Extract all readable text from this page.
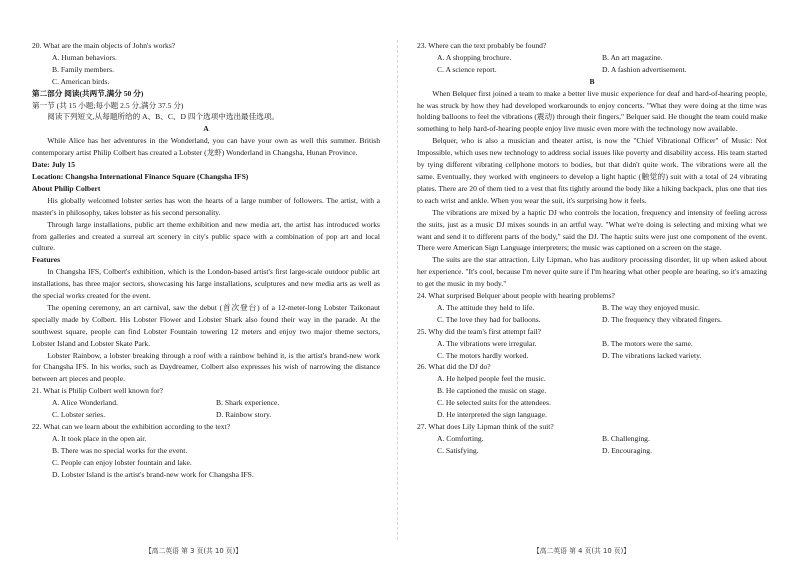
20. What are the main objects of John's works?

A. Human behaviors.

B. Family members.

C. American birds.

第二部分 阅读(共两节,满分 50 分)

第一节 (共 15 小题;每小题 2.5 分,满分 37.5 分)

阅读下列短文,从每题所给的 A、B、C、D 四个选项中选出最佳选项。

A

While Alice has her adventures in the Wonderland, you can have your own as well this summer. British contemporary artist Philip Colbert has created a Lobster (龙虾) Wonderland in Changsha, Hunan Province.

Date: July 15

Location: Changsha International Finance Square (Changsha IFS)

About Philip Colbert

His globally welcomed lobster series has won the hearts of a large number of followers. The artist, with a master's in philosophy, takes lobster as his second personality.

Through large installations, public art theme exhibition and new media art, the artist has introduced works from galleries and created a surreal art scenery in city's public space with a combination of pop art and local culture.

Features

In Changsha IFS, Colbert's exhibition, which is the London-based artist's first large-scale outdoor public art installations, has three major sectors, showcasing his large installations, sculptures and new media arts as well as the special works created for the event.

The opening ceremony, an art carnival, saw the debut (首次登台) of a 12-meter-long Lobster Taikonaut specially made by Colbert. His Lobster Flower and Lobster Shark also found their way in the parade. At the southwest square, people can find Lobster Fountain towering 12 meters and enjoy two major theme sectors, Lobster Island and Lobster Skate Park.

Lobster Rainbow, a lobster breaking through a roof with a rainbow behind it, is the artist's brand-new work for Changsha IFS. In his works, such as Daydreamer, Colbert also expresses his wish of narrowing the distance between art pieces and people.

21. What is Philip Colbert well known for?

A. Alice Wonderland.	B. Shark experience.
C. Lobster series.	D. Rainbow story.

22. What can we learn about the exhibition according to the text?

A. It took place in the open air.

B. There was no special works for the event.

C. People can enjoy lobster fountain and lake.

D. Lobster Island is the artist's brand-new work for Changsha IFS.

23. Where can the text probably be found?

A. A shopping brochure.	B. An art magazine.
C. A science report.	D. A fashion advertisement.

B

When Belquer first joined a team to make a better live music experience for deaf and hard-of-hearing people, he was struck by how they had developed workarounds to enjoy concerts. "What they were doing at the time was holding balloons to feel the vibrations (震动) through their fingers," Belquer said. He thought the team could make something to help hard-of-hearing people enjoy live music even more with the technology now available.

Belquer, who is also a musician and theater artist, is now the "Chief Vibrational Officer" of Music: Not Impossible, which uses new technology to address social issues like poverty and disability access. His team started by tying different vibrating cellphone motors to bodies, but that didn't quite work. The vibrations were all the same. Eventually, they worked with engineers to develop a light haptic (触觉的) suit with a total of 24 vibrating plates. There are 20 of them tied to a vest that fits tightly around the body like a hiking backpack, plus one that ties to each wrist and ankle. When you wear the suit, it's surprising how it feels.

The vibrations are mixed by a haptic DJ who controls the location, frequency and intensity of feeling across the suits, just as a music DJ mixes sounds in an artful way. "What we're doing is selecting and mixing what we want and send it to different parts of the body," said the DJ. The haptic suits were just one component of the event. There were American Sign Language interpreters; the music was captioned on a screen on the stage.

The suits are the star attraction. Lily Lipman, who has auditory processing disorder, lit up when asked about her experience. "It's cool, because I'm never quite sure if I'm hearing what other people are hearing, so it's amazing to get the music in my body."

24. What surprised Belquer about people with hearing problems?

A. The attitude they held to life.	B. The way they enjoyed music.
C. The love they had for balloons.	D. The frequency they vibrated fingers.

25. Why did the team's first attempt fail?

A. The vibrations were irregular.	B. The motors were the same.
C. The motors hardly worked.	D. The vibrations lacked variety.

26. What did the DJ do?

A. He helped people feel the music.

B. He captioned the music on stage.

C. He selected suits for the attendees.

D. He interpreted the sign language.

27. What does Lily Lipman think of the suit?

A. Comforting.	B. Challenging.
C. Satisfying.	D. Encouraging.
【高二英语 第 3 页(共 10 页)】	【高二英语 第 4 页(共 10 页)】
